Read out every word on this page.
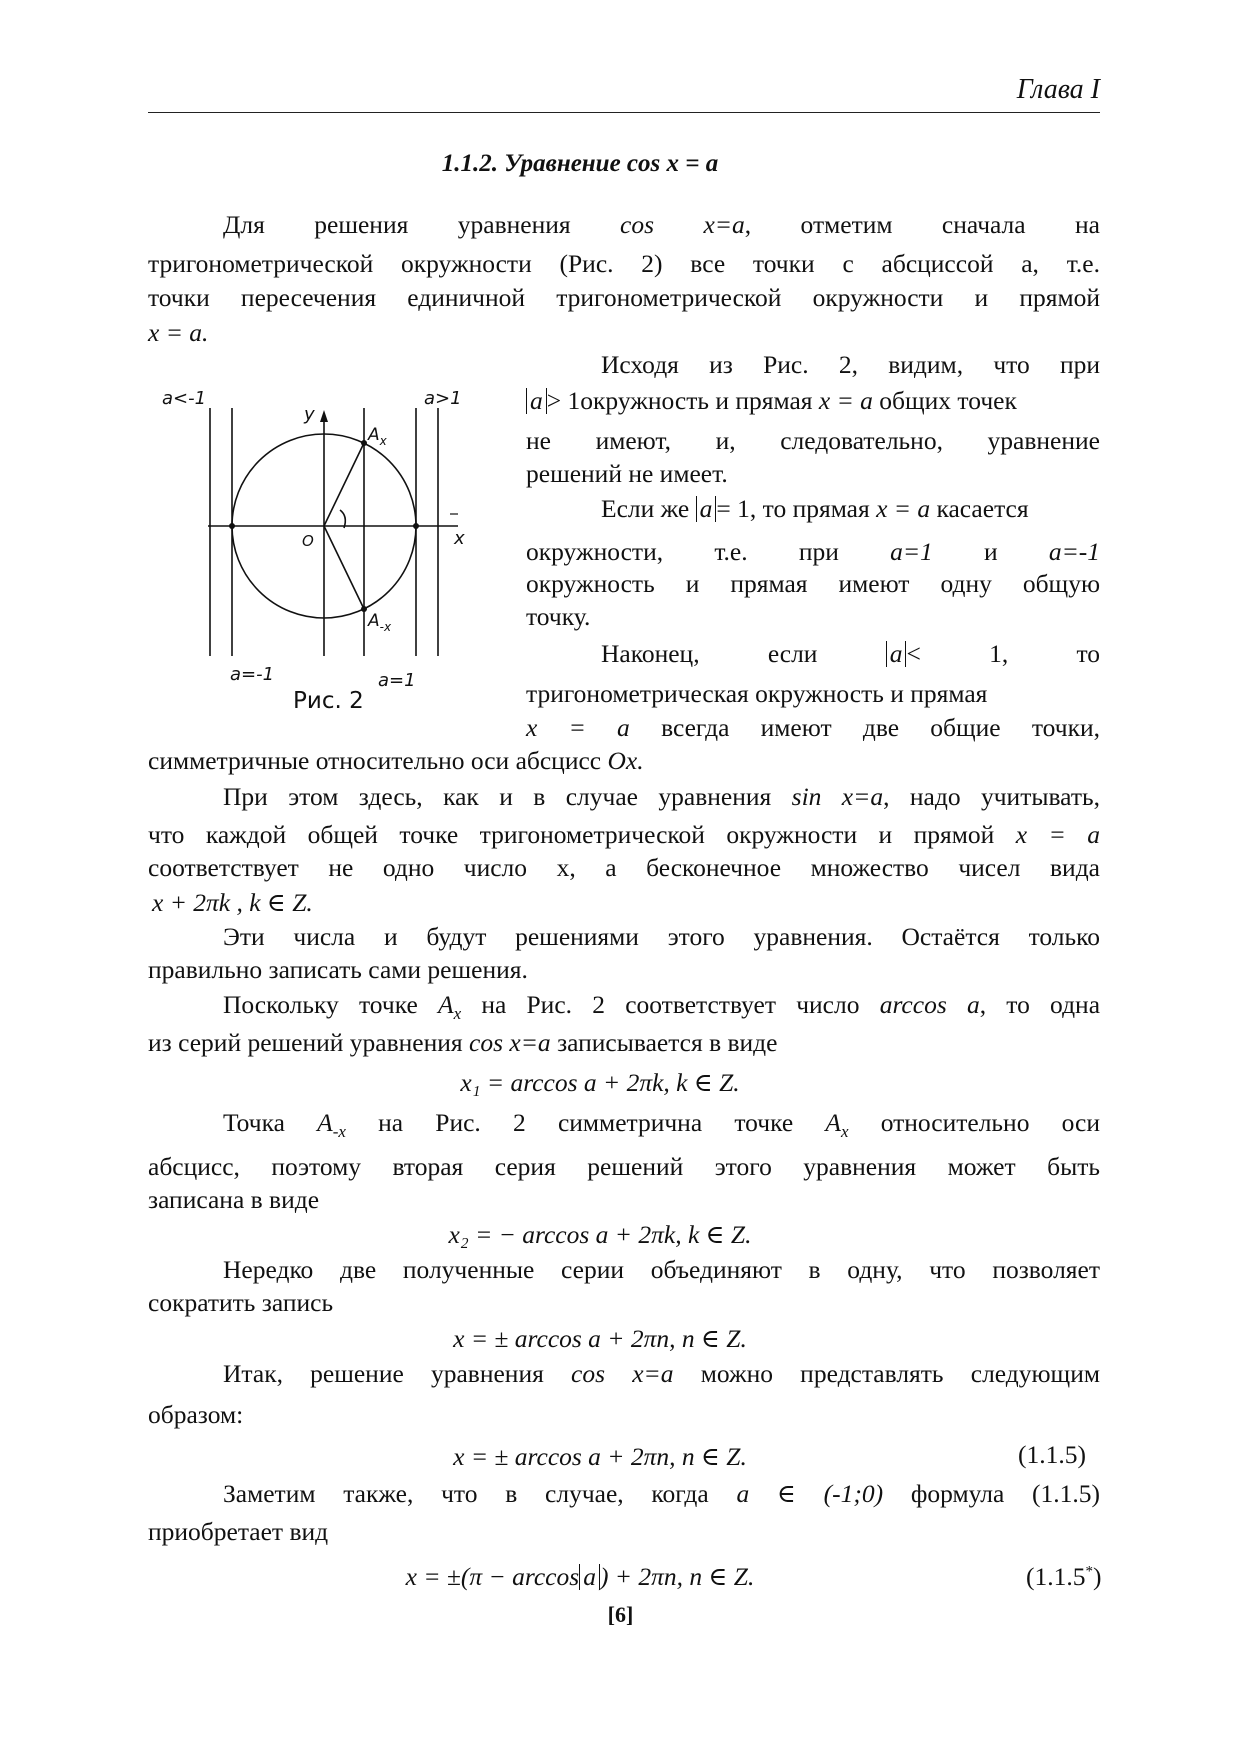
Глава I
1.1.2. Уравнение cos x = a
Для решения уравнения cos x=a, отметим сначала на
тригонометрической окружности (Рис. 2) все точки с абсциссой a, т.е.
точки пересечения единичной тригонометрической окружности и прямой
x = a.
a<-1	a>1
a=-1	a=1
y
x
O
$A_x$
$A_{-x}$
Рис. 2
Исходя из Рис. 2, видим, что при
a > 1окружность и прямая x = a общих точек
не имеют, и, следовательно, уравнение
решений не имеет.
Если же a = 1, то прямая x = a касается
окружности, т.е. при a=1 и a=-1
окружность и прямая имеют одну общую
точку.
Наконец,	если	a < 1,	то
тригонометрическая окружность и прямая
x = a всегда имеют две общие точки,
симметричные относительно оси абсцисс Ox.
При этом здесь, как и в случае уравнения sin x=a, надо учитывать,
что каждой общей точке тригонометрической окружности и прямой x = a
соответствует не одно число x, а бесконечное множество чисел вида
x + 2πk , k ∈ Z.
Эти числа и будут решениями этого уравнения. Остаётся только
правильно записать сами решения.
Поскольку точке $A_x$ на Рис. 2 соответствует число arccos a, то одна
из серий решений уравнения cos x=a записывается в виде
x₁ = arccos a + 2πk, k ∈ Z.
Точка $A_{-x}$ на Рис. 2 симметрична точке $A_x$ относительно оси
абсцисс, поэтому вторая серия решений этого уравнения может быть
записана в виде
x₂ = − arccos a + 2πk, k ∈ Z.
Нередко две полученные серии объединяют в одну, что позволяет
сократить запись
x = ± arccos a + 2πn, n ∈ Z.
Итак, решение уравнения cos x=a можно представлять следующим
образом:
x = ± arccos a + 2πn, n ∈ Z.	(1.1.5)
Заметим также, что в случае, когда a ∈ (-1;0) формула (1.1.5)
приобретает вид
x = ±(π − arccos a ) + 2πn, n ∈ Z.	(1.1.5*)
[6]
